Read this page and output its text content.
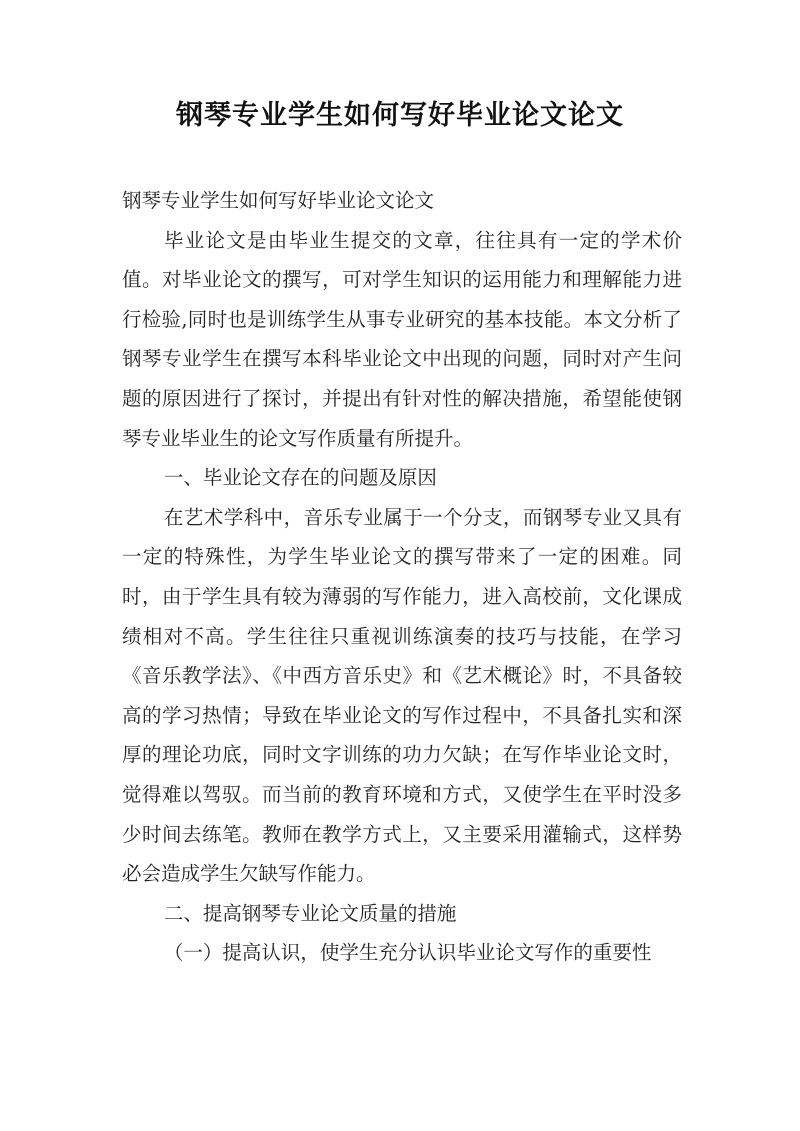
钢琴专业学生如何写好毕业论文论文

钢琴专业学生如何写好毕业论文论文

毕业论文是由毕业生提交的文章，往往具有一定的学术价值。对毕业论文的撰写，可对学生知识的运用能力和理解能力进行检验,同时也是训练学生从事专业研究的基本技能。本文分析了钢琴专业学生在撰写本科毕业论文中出现的问题，同时对产生问题的原因进行了探讨，并提出有针对性的解决措施，希望能使钢琴专业毕业生的论文写作质量有所提升。

一、毕业论文存在的问题及原因

在艺术学科中，音乐专业属于一个分支，而钢琴专业又具有一定的特殊性，为学生毕业论文的撰写带来了一定的困难。同时，由于学生具有较为薄弱的写作能力，进入高校前，文化课成绩相对不高。学生往往只重视训练演奏的技巧与技能，在学习《音乐教学法》、《中西方音乐史》和《艺术概论》时，不具备较高的学习热情；导致在毕业论文的写作过程中，不具备扎实和深厚的理论功底，同时文字训练的功力欠缺；在写作毕业论文时，觉得难以驾驭。而当前的教育环境和方式，又使学生在平时没多少时间去练笔。教师在教学方式上，又主要采用灌输式，这样势必会造成学生欠缺写作能力。

二、提高钢琴专业论文质量的措施

（一）提高认识，使学生充分认识毕业论文写作的重要性
